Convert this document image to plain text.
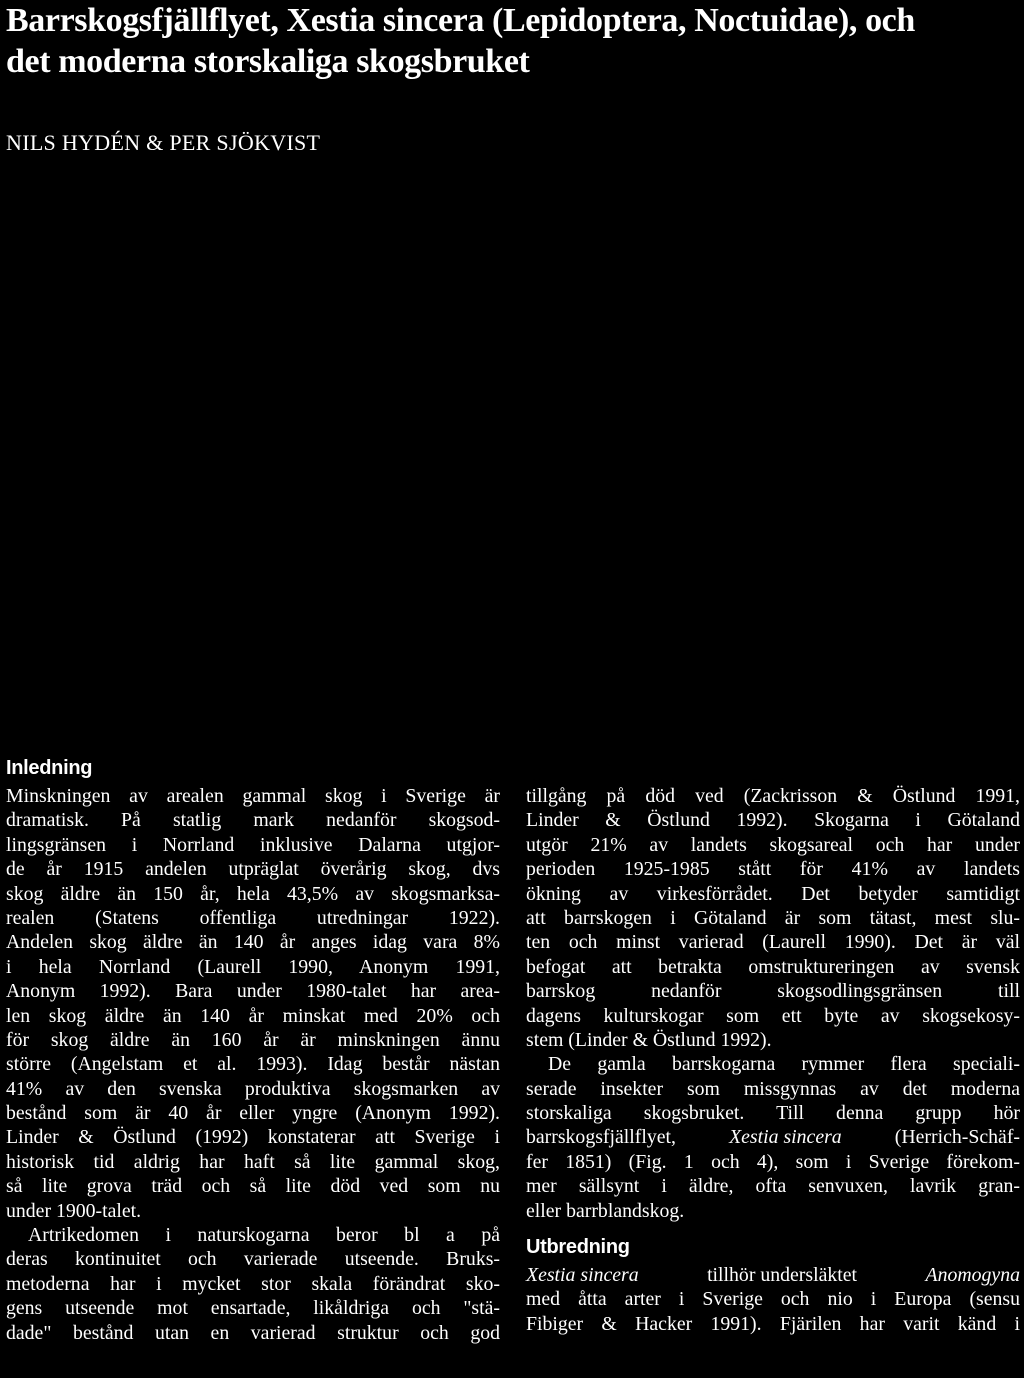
Barrskogsfjällflyet, Xestia sincera (Lepidoptera, Noctuidae), och
det moderna storskaliga skogsbruket
NILS HYDÉN & PER SJÖKVIST
Inledning
Minskningen av arealen gammal skog i Sverige är
dramatisk. På statlig mark nedanför skogsod-
lingsgränsen i Norrland inklusive Dalarna utgjor-
de år 1915 andelen utpräglat överårig skog, dvs
skog äldre än 150 år, hela 43,5% av skogsmarksa-
realen (Statens offentliga utredningar 1922).
Andelen skog äldre än 140 år anges idag vara 8%
i hela Norrland (Laurell 1990, Anonym 1991,
Anonym 1992). Bara under 1980-talet har area-
len skog äldre än 140 år minskat med 20% och
för skog äldre än 160 år är minskningen ännu
större (Angelstam et al. 1993). Idag består nästan
41% av den svenska produktiva skogsmarken av
bestånd som är 40 år eller yngre (Anonym 1992).
Linder & Östlund (1992) konstaterar att Sverige i
historisk tid aldrig har haft så lite gammal skog,
så lite grova träd och så lite död ved som nu
under 1900-talet.
Artrikedomen i naturskogarna beror bl a på
deras kontinuitet och varierade utseende. Bruks-
metoderna har i mycket stor skala förändrat sko-
gens utseende mot ensartade, likåldriga och "stä-
dade" bestånd utan en varierad struktur och god
tillgång på död ved (Zackrisson & Östlund 1991,
Linder & Östlund 1992). Skogarna i Götaland
utgör 21% av landets skogsareal och har under
perioden 1925-1985 stått för 41% av landets
ökning av virkesförrådet. Det betyder samtidigt
att barrskogen i Götaland är som tätast, mest slu-
ten och minst varierad (Laurell 1990). Det är väl
befogat att betrakta omstruktureringen av svensk
barrskog nedanför skogsodlingsgränsen till
dagens kulturskogar som ett byte av skogsekosy-
stem (Linder & Östlund 1992).
De gamla barrskogarna rymmer flera speciali-
serade insekter som missgynnas av det moderna
storskaliga skogsbruket. Till denna grupp hör
barrskogsfjällflyet,	Xestia sincera	(Herrich-Schäf-
fer 1851) (Fig. 1 och 4), som i Sverige förekom-
mer sällsynt i äldre, ofta senvuxen, lavrik gran-
eller barrblandskog.
Utbredning
Xestia sincera	tillhör undersläktet	Anomogyna
med åtta arter i Sverige och nio i Europa (sensu
Fibiger & Hacker 1991). Fjärilen har varit känd i
